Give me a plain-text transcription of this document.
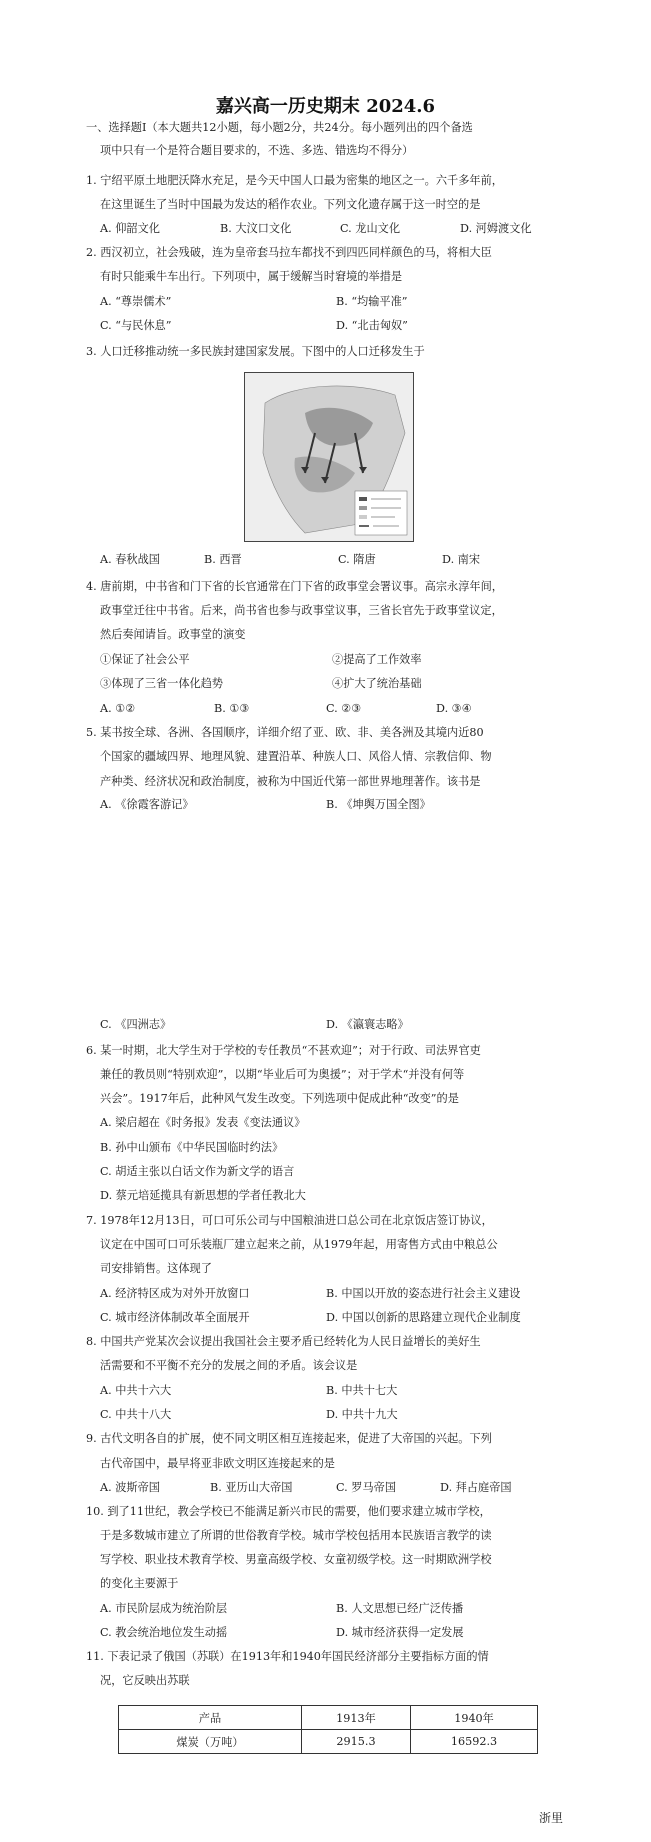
嘉兴高一历史期末 2024.6
一、选择题Ⅰ（本大题共12小题，每小题2分，共24分。每小题列出的四个备选
项中只有一个是符合题目要求的，不选、多选、错选均不得分）
1. 宁绍平原土地肥沃降水充足，是今天中国人口最为密集的地区之一。六千多年前，
在这里诞生了当时中国最为发达的稻作农业。下列文化遗存属于这一时空的是
A. 仰韶文化	B. 大汶口文化	C. 龙山文化	D. 河姆渡文化
2. 西汉初立，社会残破，连为皇帝套马拉车都找不到四匹同样颜色的马，将相大臣
有时只能乘牛车出行。下列项中，属于缓解当时窘境的举措是
A. “尊崇儒术”	B. “均输平准”
C. “与民休息”	D. “北击匈奴”
3. 人口迁移推动统一多民族封建国家发展。下图中的人口迁移发生于
A. 春秋战国	B. 西晋	C. 隋唐	D. 南宋
4. 唐前期，中书省和门下省的长官通常在门下省的政事堂会署议事。高宗永淳年间，
政事堂迁往中书省。后来，尚书省也参与政事堂议事，三省长官先于政事堂议定，
然后奏闻请旨。政事堂的演变
①保证了社会公平	②提高了工作效率
③体现了三省一体化趋势	④扩大了统治基础
A. ①②	B. ①③	C. ②③	D. ③④
5. 某书按全球、各洲、各国顺序，详细介绍了亚、欧、非、美各洲及其境内近80
个国家的疆域四界、地理风貌、建置沿革、种族人口、风俗人情、宗教信仰、物
产种类、经济状况和政治制度，被称为中国近代第一部世界地理著作。该书是
A. 《徐霞客游记》	B. 《坤舆万国全图》
C. 《四洲志》	D. 《瀛寰志略》
6. 某一时期，北大学生对于学校的专任教员“不甚欢迎”；对于行政、司法界官吏
兼任的教员则“特别欢迎”，以期“毕业后可为奥援”；对于学术“并没有何等
兴会”。1917年后，此种风气发生改变。下列选项中促成此种“改变”的是
A. 梁启超在《时务报》发表《变法通议》
B. 孙中山颁布《中华民国临时约法》
C. 胡适主张以白话文作为新文学的语言
D. 蔡元培延揽具有新思想的学者任教北大
7. 1978年12月13日，可口可乐公司与中国粮油进口总公司在北京饭店签订协议，
议定在中国可口可乐装瓶厂建立起来之前，从1979年起，用寄售方式由中粮总公
司安排销售。这体现了
A. 经济特区成为对外开放窗口	B. 中国以开放的姿态进行社会主义建设
C. 城市经济体制改革全面展开	D. 中国以创新的思路建立现代企业制度
8. 中国共产党某次会议提出我国社会主要矛盾已经转化为人民日益增长的美好生
活需要和不平衡不充分的发展之间的矛盾。该会议是
A. 中共十六大	B. 中共十七大
C. 中共十八大	D. 中共十九大
9. 古代文明各自的扩展，使不同文明区相互连接起来，促进了大帝国的兴起。下列
古代帝国中，最早将亚非欧文明区连接起来的是
A. 波斯帝国	B. 亚历山大帝国	C. 罗马帝国	D. 拜占庭帝国
10. 到了11世纪，教会学校已不能满足新兴市民的需要，他们要求建立城市学校，
于是多数城市建立了所谓的世俗教育学校。城市学校包括用本民族语言教学的读
写学校、职业技术教育学校、男童高级学校、女童初级学校。这一时期欧洲学校
的变化主要源于
A. 市民阶层成为统治阶层	B. 人文思想已经广泛传播
C. 教会统治地位发生动摇	D. 城市经济获得一定发展
11. 下表记录了俄国（苏联）在1913年和1940年国民经济部分主要指标方面的情
况，它反映出苏联
产品	1913年	1940年
煤炭（万吨）	2915.3	16592.3
浙里
